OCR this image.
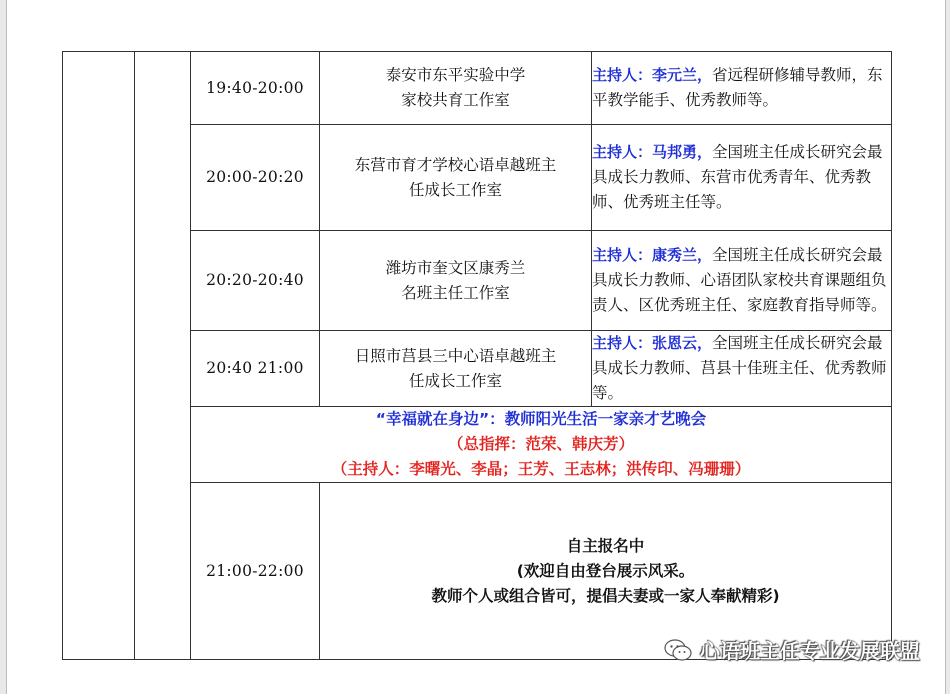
		19:40-20:00	泰安市东平实验中学
家校共育工作室	主持人：李元兰，省远程研修辅导教师，东平教学能手、优秀教师等。
		20:00-20:20	东营市育才学校心语卓越班主
任成长工作室	主持人：马邦勇，全国班主任成长研究会最具成长力教师、东营市优秀青年、优秀教师、优秀班主任等。
		20:20-20:40	潍坊市奎文区康秀兰
名班主任工作室	主持人：康秀兰，全国班主任成长研究会最具成长力教师、心语团队家校共育课题组负责人、区优秀班主任、家庭教育指导师等。
		20:40 21:00	日照市莒县三中心语卓越班主
任成长工作室	主持人：张恩云，全国班主任成长研究会最具成长力教师、莒县十佳班主任、优秀教师等。

		“幸福就在身边”：教师阳光生活一家亲才艺晚会
（总指挥：范荣、韩庆芳）
（主持人：李曙光、李晶；王芳、王志林；洪传印、冯珊珊）		

		21:00-22:00	自主报名中
(欢迎自由登台展示风采。
教师个人或组合皆可，提倡夫妻或一家人奉献精彩)	
心语班主任专业发展联盟
